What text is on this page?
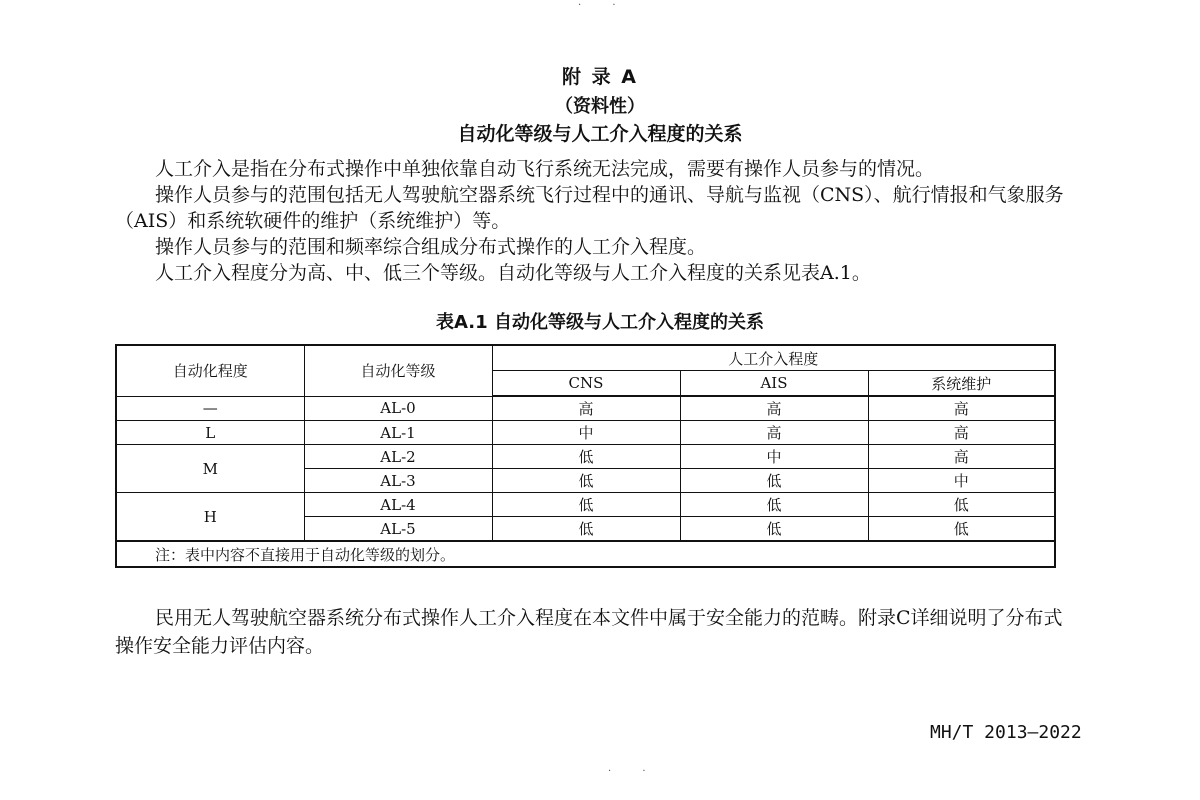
· ·
附 录 A
（资料性）
自动化等级与人工介入程度的关系
人工介入是指在分布式操作中单独依靠自动飞行系统无法完成，需要有操作人员参与的情况。
操作人员参与的范围包括无人驾驶航空器系统飞行过程中的通讯、导航与监视（CNS）、航行情报和气象服务（AIS）和系统软硬件的维护（系统维护）等。
操作人员参与的范围和频率综合组成分布式操作的人工介入程度。
人工介入程度分为高、中、低三个等级。自动化等级与人工介入程度的关系见表A.1。
表A.1 自动化等级与人工介入程度的关系
自动化程度	自动化等级	人工介入程度		
		CNS	AIS	系统维护
—	AL-0	高	高	高
L	AL-1	中	高	高
M	AL-2	低	中	高
	AL-3	低	低	中
H	AL-4	低	低	低
	AL-5	低	低	低
注：表中内容不直接用于自动化等级的划分。				
民用无人驾驶航空器系统分布式操作人工介入程度在本文件中属于安全能力的范畴。附录C详细说明了分布式操作安全能力评估内容。
MH/T 2013—2022
· ·
